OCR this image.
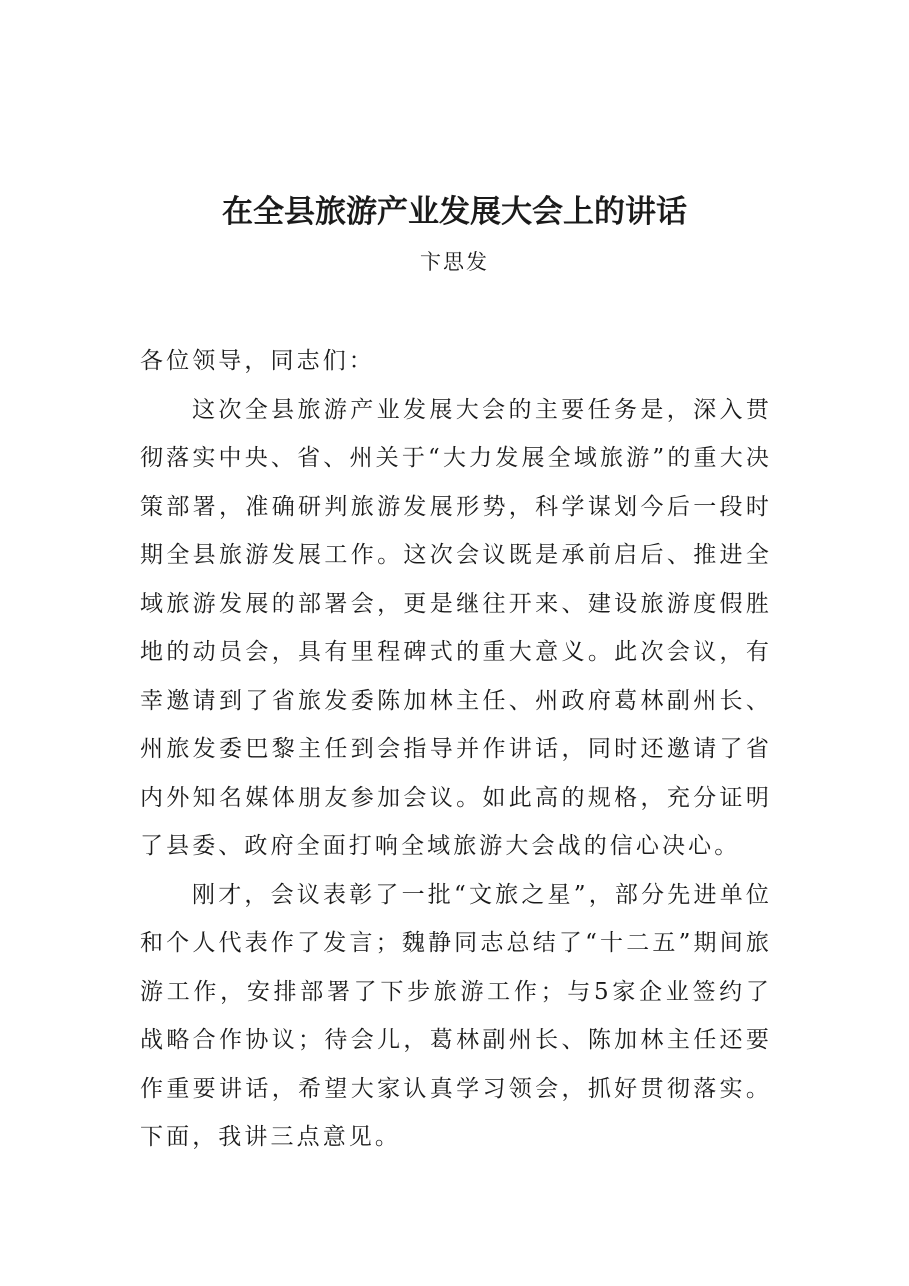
在全县旅游产业发展大会上的讲话
卞思发

各位领导，同志们：

这次全县旅游产业发展大会的主要任务是，深入贯彻落实中央、省、州关于“大力发展全域旅游”的重大决策部署，准确研判旅游发展形势，科学谋划今后一段时期全县旅游发展工作。这次会议既是承前启后、推进全域旅游发展的部署会，更是继往开来、建设旅游度假胜地的动员会，具有里程碑式的重大意义。此次会议，有幸邀请到了省旅发委陈加林主任、州政府葛林副州长、州旅发委巴黎主任到会指导并作讲话，同时还邀请了省内外知名媒体朋友参加会议。如此高的规格，充分证明了县委、政府全面打响全域旅游大会战的信心决心。

刚才，会议表彰了一批“文旅之星”，部分先进单位和个人代表作了发言；魏静同志总结了“十二五”期间旅游工作，安排部署了下步旅游工作；与5家企业签约了战略合作协议；待会儿，葛林副州长、陈加林主任还要作重要讲话，希望大家认真学习领会，抓好贯彻落实。下面，我讲三点意见。
